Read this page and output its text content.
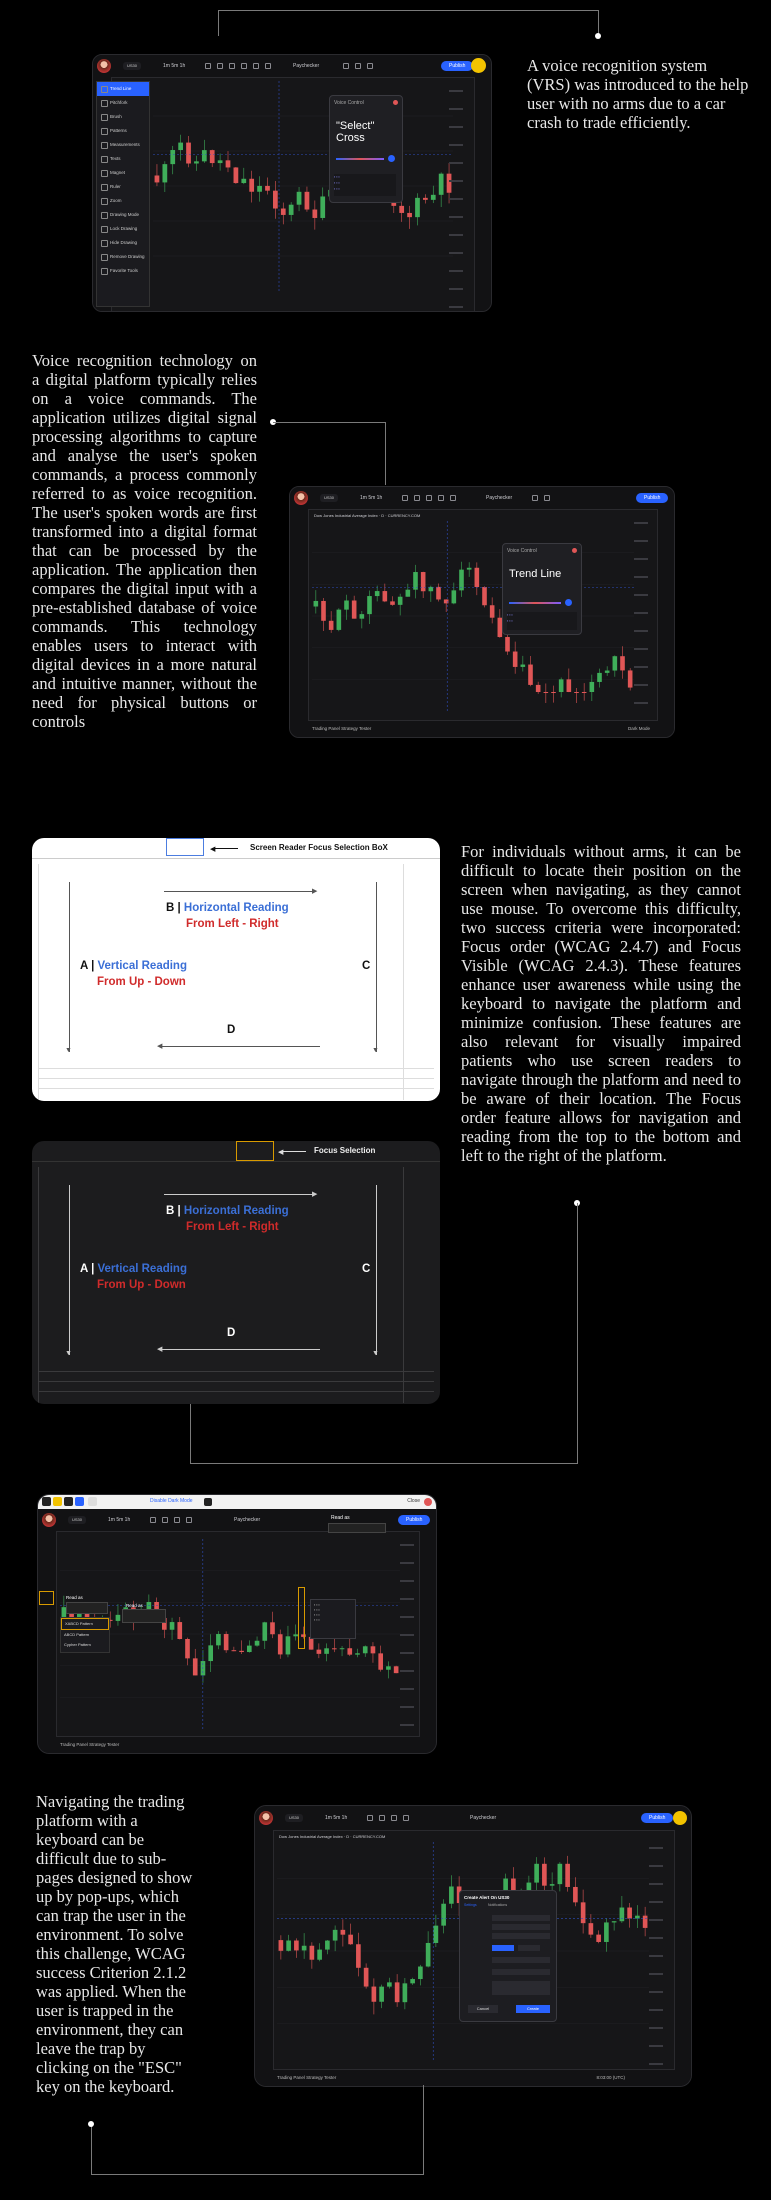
A voice recognition system (VRS) was introduced to the help user with no arms due to a car crash to trade efficiently.
US30	1m 5m 1h	Paychecker	Publish
Trend Line
Pitchfork
Brush
Patterns
Measurements
Texts
Magnet
Ruler
Zoom
Drawing Mode
Lock Drawing
Hide Drawing
Remove Drawing
Favorite Tools
Voice Control
"Select" Cross
▪ ▪ ▪
▪ ▪ ▪
▪ ▪ ▪
Voice recognition technology on a digital platform typically relies on a voice commands. The application utilizes digital signal processing algorithms to capture and analyse the user's spoken commands, a process commonly referred to as voice recognition. The user's spoken words are first transformed into a digital format that can be processed by the application. The application then compares the digital input with a pre-established database of voice commands. This technology enables users to interact with digital devices in a more natural and intuitive manner, without the need for physical buttons or controls
US30	1m 5m 1h	Paychecker	Publish
Dow Jones Industrial Average Index · D · CURRENCY.COM
Voice Control
Trend Line
▪ ▪ ▪
▪ ▪ ▪
Trading Panel Strategy Tester	Dark Mode
For individuals without arms, it can be difficult to locate their position on the screen when navigating, as they cannot use mouse. To overcome this difficulty, two success criteria were incorporated: Focus order (WCAG 2.4.7) and Focus Visible (WCAG 2.4.3). These features enhance user awareness while using the keyboard to navigate the platform and minimize confusion. These features are also relevant for visually impaired patients who use screen readers to navigate through the platform and need to be aware of their location. The Focus order feature allows for navigation and reading from the top to the bottom and left to the right of the platform.
◀	Screen Reader Focus Selection BoX
▶
B | Horizontal Reading
From Left - Right
▼
A | Vertical Reading
From Up - Down
▼
C
D
◀
◀	Focus Selection
▶
B | Horizontal Reading
From Left - Right
▼
A | Vertical Reading
From Up - Down
▼
C
D
◀
Disable Dark Mode	Close
US30	1m 5m 1h	Paychecker	Publish
Read as
XABCD Pattern
ABCD Pattern
Cypher Pattern
Read as
Read as
▪ ▪ ▪
▪ ▪ ▪
▪ ▪ ▪
▪ ▪ ▪
Trading Panel Strategy Tester
Navigating the trading platform with a keyboard can be difficult due to sub-pages designed to show up by pop-ups, which can trap the user in the environment. To solve this challenge, WCAG success Criterion 2.1.2 was applied. When the user is trapped in the environment, they can leave the trap by clicking on the "ESC" key on the keyboard.
US30	1m 5m 1h	Paychecker	Publish
Dow Jones Industrial Average Index · D · CURRENCY.COM
Create Alert On US30
Settings	Notifications
Cancel	Create
Trading Panel Strategy Tester	8:03:00 (UTC)
